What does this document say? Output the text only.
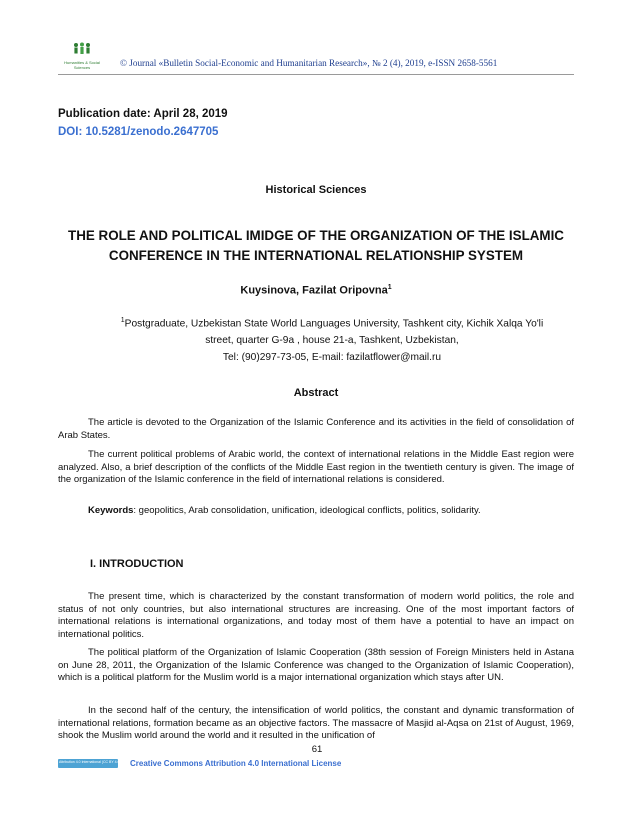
Humanities & Social Sciences	© Journal «Bulletin Social-Economic and Humanitarian Research», № 2 (4), 2019, e-ISSN 2658-5561
Publication date: April 28, 2019
DOI: 10.5281/zenodo.2647705
Historical Sciences
THE ROLE AND POLITICAL IMIDGE OF THE ORGANIZATION OF THE ISLAMIC CONFERENCE IN THE INTERNATIONAL RELATIONSHIP SYSTEM
Kuysinova, Fazilat Oripovna$^1$
$^1$Postgraduate, Uzbekistan State World Languages University, Tashkent city, Kichik Xalqa Yo'li
street, quarter G-9a , house 21-a, Tashkent, Uzbekistan,
Tel: (90)297-73-05, E-mail: fazilatflower@mail.ru
Abstract

The article is devoted to the Organization of the Islamic Conference and its activities in the field of consolidation of Arab States.

The current political problems of Arabic world, the context of international relations in the Middle East region were analyzed. Also, a brief description of the conflicts of the Middle East region in the twentieth century is given. The image of the organization of the Islamic conference in the field of international relations is considered.

Keywords: geopolitics, Arab consolidation, unification, ideological conflicts, politics, solidarity.

I. INTRODUCTION

The present time, which is characterized by the constant transformation of modern world politics, the role and status of not only countries, but also international structures are increasing. One of the most important factors of international relations is international organizations, and today most of them have a potential to have an impact on international politics.

The political platform of the Organization of Islamic Cooperation (38th session of Foreign Ministers held in Astana on June 28, 2011, the Organization of the Islamic Conference was changed to the Organization of Islamic Cooperation), which is a political platform for the Muslim world is a major international organization which stays after UN.

In the second half of the century, the intensification of world politics, the constant and dynamic transformation of international relations, formation became as an objective factors. The massacre of Masjid al-Aqsa on 21st of August, 1969, shook the Muslim world around the world and it resulted in the unification of

61
Attribution 4.0 International (CC BY 4.0) Creative Commons Attribution 4.0 International License
